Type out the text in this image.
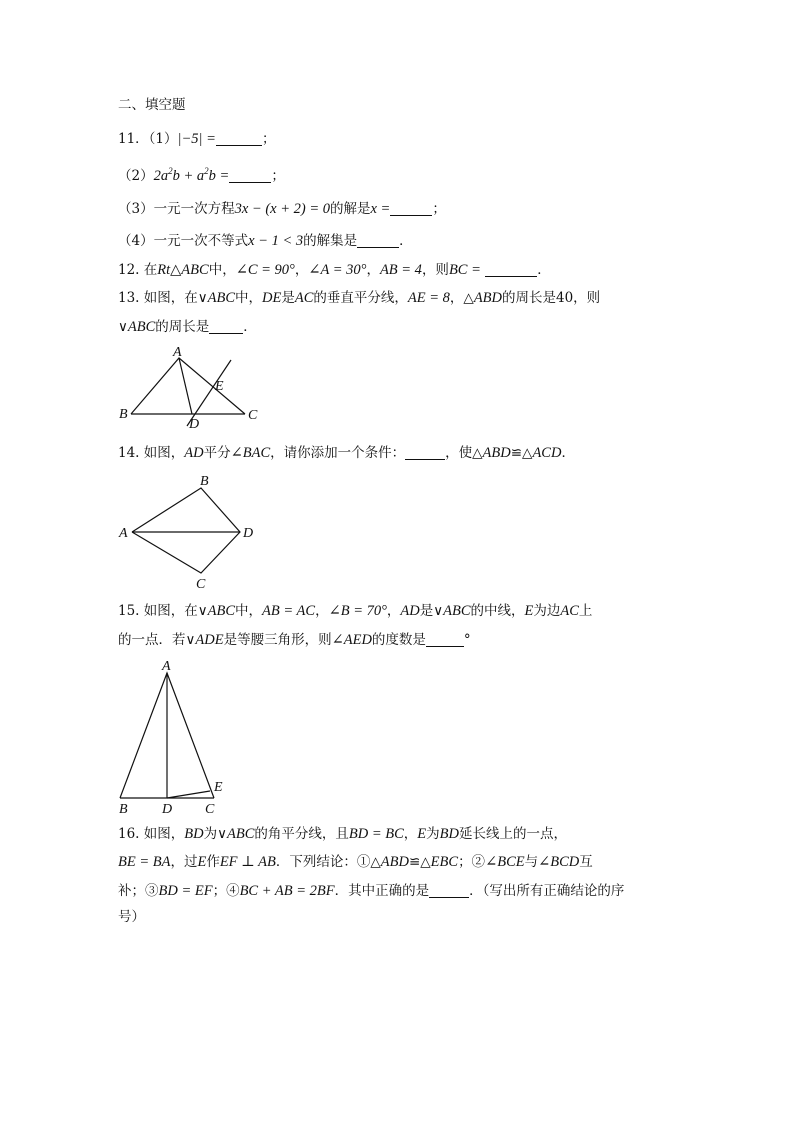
二、填空题
11．（1）|−5| =	；
$(2)2a^2b + a^2b$ =	；
（3）一元一次方程3x − (x + 2) = 0的解是x =	；
（4）一元一次不等式x − 1 < 3的解集是	．
12. 在Rt△ABC中，∠C = 90°，∠A = 30°，AB = 4，则BC =	．
13. 如图，在∨ABC中，DE是AC的垂直平分线，AE = 8，△ABD的周长是40，则
∨ABC的周长是	．
A
B	C
D
E
14. 如图，AD平分∠BAC，请你添加一个条件：	，使△ABD≌△ACD．
B
A	D
C
15. 如图，在∨ABC中，AB = AC，∠B = 70°，AD是∨ABC的中线，E为边AC上
的一点．若∨ADE是等腰三角形，则∠AED的度数是	°
A
B D C
E
16. 如图，BD为∨ABC的角平分线，且BD = BC，E为BD延长线上的一点，
BE = BA，过E作EF ⊥ AB．下列结论：①△ABD≌△EBC；②∠BCE与∠BCD互
补；③BD = EF；④BC + AB = 2BF．其中正确的是	．（写出所有正确结论的序
号）
